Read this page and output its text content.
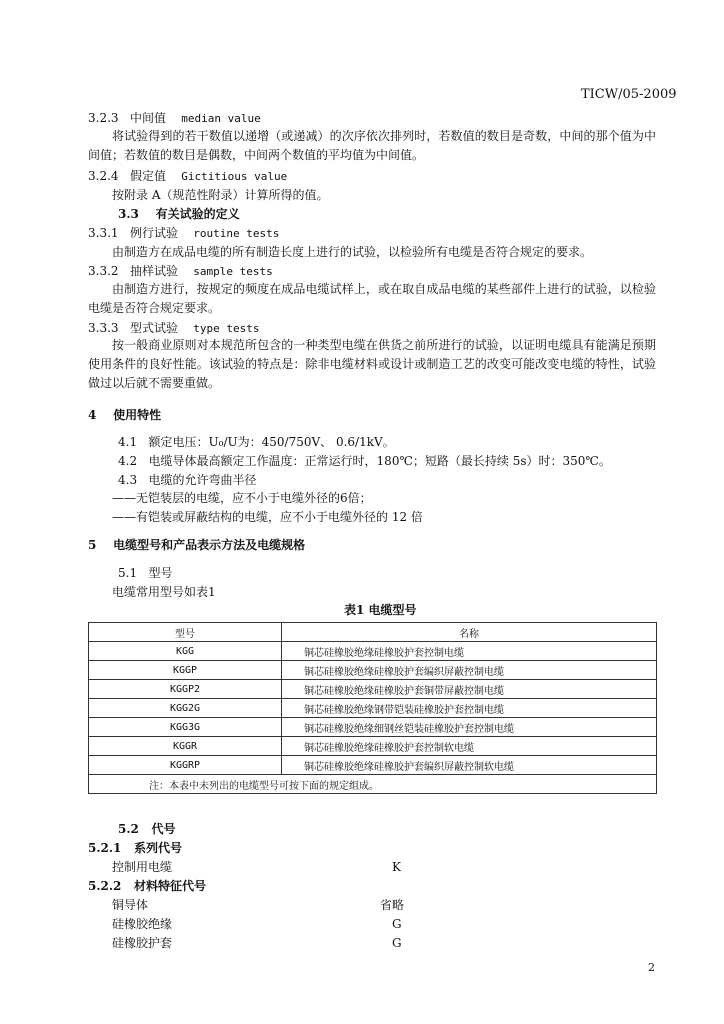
TICW/05-2009
3.2.3 中间值 median value
将试验得到的若干数值以递增（或递减）的次序依次排列时，若数值的数目是奇数，中间的那个值为中间值；若数值的数目是偶数，中间两个数值的平均值为中间值。
3.2.4 假定值 Gictitious value
按附录 A（规范性附录）计算所得的值。
3.3 有关试验的定义
3.3.1 例行试验 routine tests
由制造方在成品电缆的所有制造长度上进行的试验，以检验所有电缆是否符合规定的要求。
3.3.2 抽样试验 sample tests
由制造方进行，按规定的频度在成品电缆试样上，或在取自成品电缆的某些部件上进行的试验，以检验电缆是否符合规定要求。
3.3.3 型式试验 type tests
按一般商业原则对本规范所包含的一种类型电缆在供货之前所进行的试验，以证明电缆具有能满足预期使用条件的良好性能。该试验的特点是：除非电缆材料或设计或制造工艺的改变可能改变电缆的特性，试验做过以后就不需要重做。
4 使用特性
4.1 额定电压：U₀/U为：450/750V、 0.6/1kV。
4.2 电缆导体最高额定工作温度：正常运行时，180℃；短路（最长持续 5s）时：350℃。
4.3 电缆的允许弯曲半径
——无铠装层的电缆，应不小于电缆外径的6倍；
——有铠装或屏蔽结构的电缆，应不小于电缆外径的 12 倍
5 电缆型号和产品表示方法及电缆规格
5.1 型号
电缆常用型号如表1
表1 电缆型号
型号	名称
KGG	铜芯硅橡胶绝缘硅橡胶护套控制电缆
KGGP	铜芯硅橡胶绝缘硅橡胶护套编织屏蔽控制电缆
KGGP2	铜芯硅橡胶绝缘硅橡胶护套铜带屏蔽控制电缆
KGG2G	铜芯硅橡胶绝缘钢带铠装硅橡胶护套控制电缆
KGG3G	铜芯硅橡胶绝缘细钢丝铠装硅橡胶护套控制电缆
KGGR	铜芯硅橡胶绝缘硅橡胶护套控制软电缆
KGGRP	铜芯硅橡胶绝缘硅橡胶护套编织屏蔽控制软电缆
注：本表中未列出的电缆型号可按下面的规定组成。	
5.2 代号
5.2.1 系列代号
控制用电缆	K
5.2.2 材料特征代号
铜导体	省略
硅橡胶绝缘	G
硅橡胶护套	G
2
